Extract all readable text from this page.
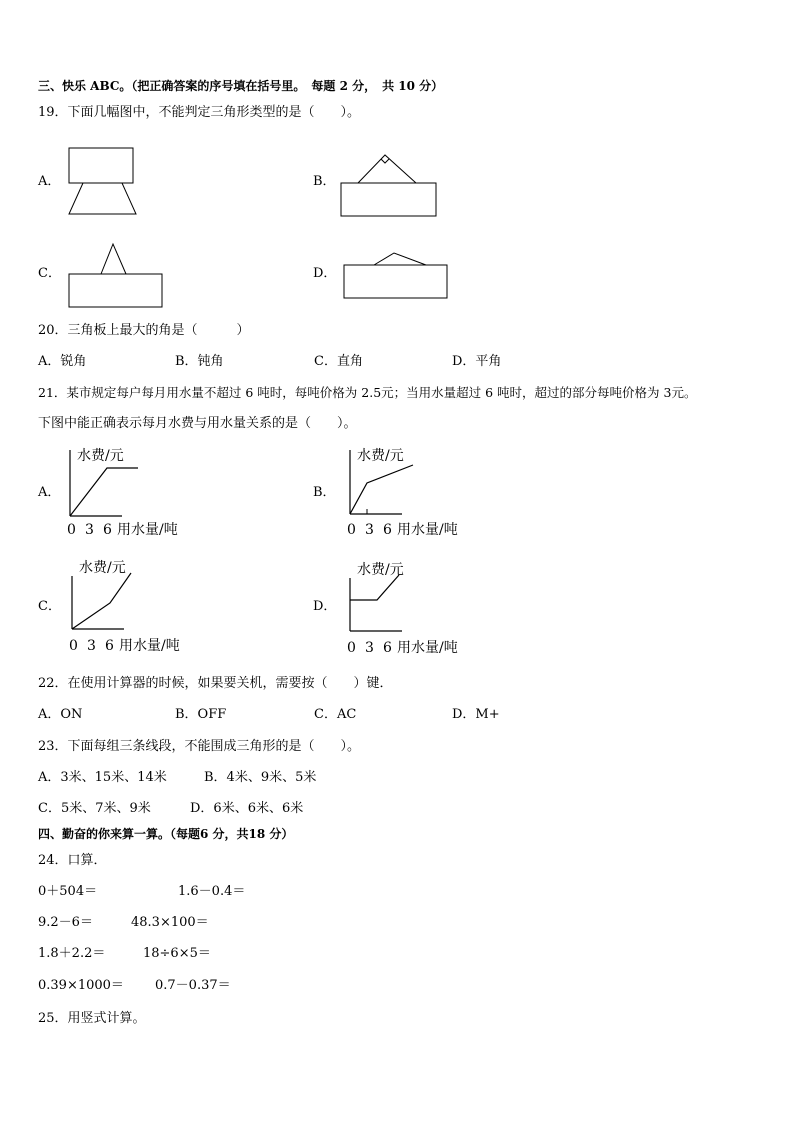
三、快乐 ABC。（把正确答案的序号填在括号里。　每题 2 分，　共 10 分）
19．下面几幅图中，不能判定三角形类型的是（　　）。
A．	B．
C．	D．
20．三角板上最大的角是（　　　）
A．锐角	B．钝角	C．直角	D．平角
21．某市规定每户每月用水量不超过 6 吨时，每吨价格为 2.5元；当用水量超过 6 吨时，超过的部分每吨价格为 3元。
下图中能正确表示每月水费与用水量关系的是（　　）。
A．	B．
C．	D．
水费/元
0 3 6 用水量/吨
水费/元
0 3 6 用水量/吨
水费/元
0 3 6 用水量/吨
水费/元
0 3 6 用水量/吨
22．在使用计算器的时候，如果要关机，需要按（　　）键．
A．ON	B．OFF	C．AC	D．M+
23．下面每组三条线段，不能围成三角形的是（　　）。
A．3米、15米、14米	B．4米、9米、5米
C．5米、7米、9米	D．6米、6米、6米
四、勤奋的你来算一算。（每题6 分，共18 分）
24．口算．
0＋504＝	1.6－0.4＝
9.2－6＝	48.3×100＝
1.8＋2.2＝	18÷6×5＝
0.39×1000＝ 0.7－0.37＝
25．用竖式计算。
